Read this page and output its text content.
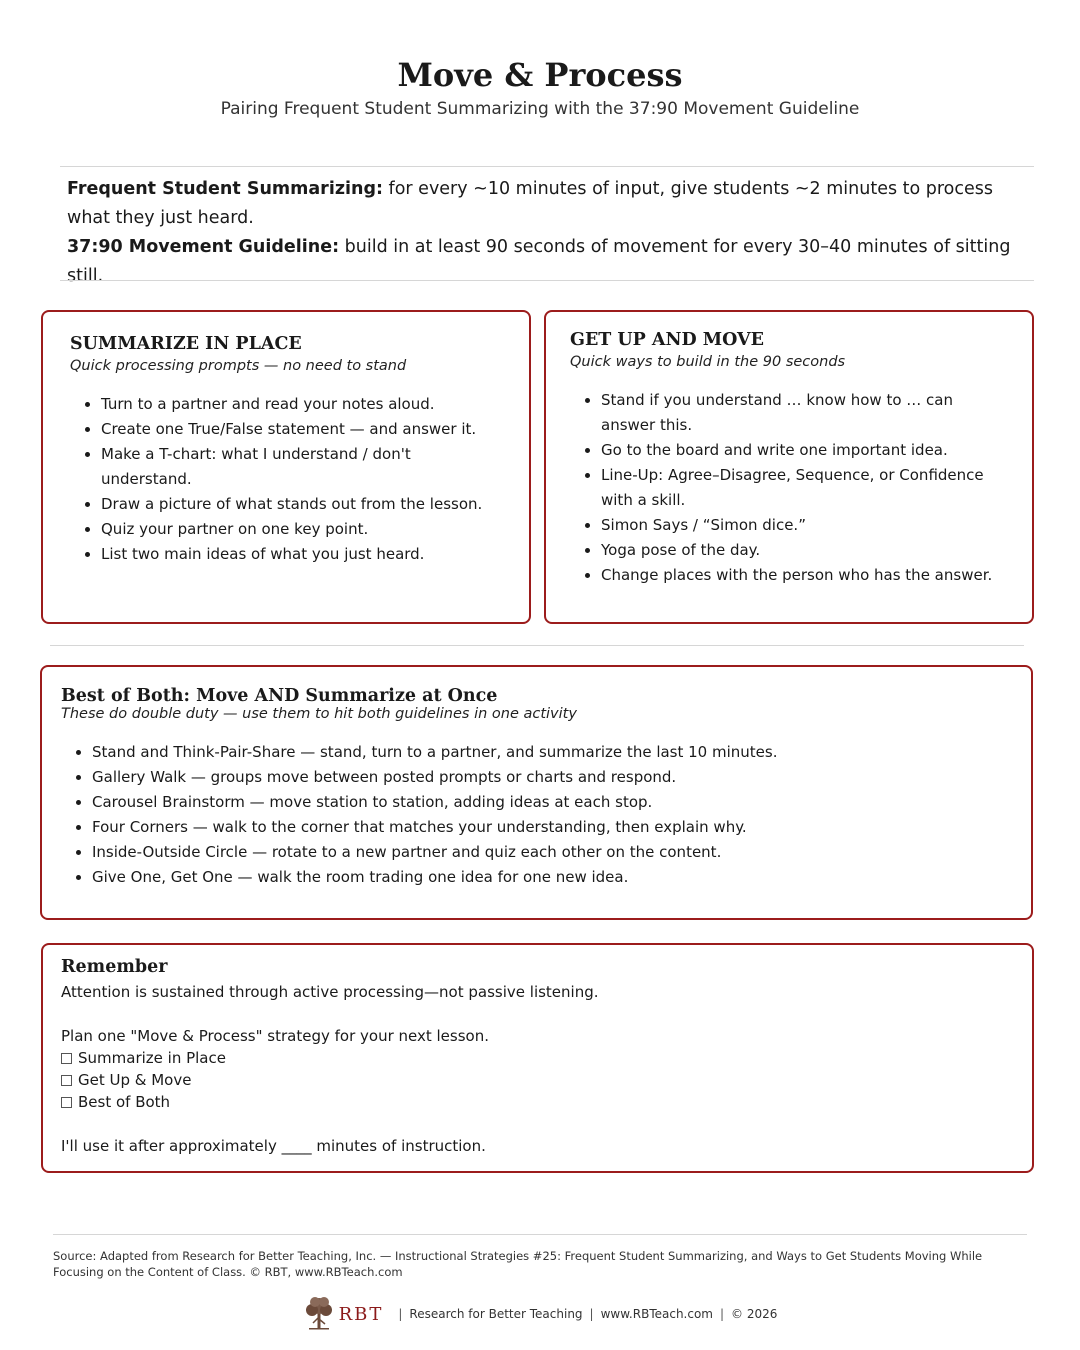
Move & Process

Pairing Frequent Student Summarizing with the 37:90 Movement Guideline

Frequent Student Summarizing: for every ~10 minutes of input, give students ~2 minutes to process what they just heard.

37:90 Movement Guideline: build in at least 90 seconds of movement for every 30–40 minutes of sitting still.

SUMMARIZE IN PLACE

Quick processing prompts — no need to stand

• Turn to a partner and read your notes aloud.
• Create one True/False statement — and answer it.
• Make a T-chart: what I understand / don't understand.
• Draw a picture of what stands out from the lesson.
• Quiz your partner on one key point.
• List two main ideas of what you just heard.
GET UP AND MOVE

Quick ways to build in the 90 seconds

• Stand if you understand … know how to … can answer this.
• Go to the board and write one important idea.
• Line-Up: Agree–Disagree, Sequence, or Confidence with a skill.
• Simon Says / “Simon dice.”
• Yoga pose of the day.
• Change places with the person who has the answer.
Best of Both: Move AND Summarize at Once

These do double duty — use them to hit both guidelines in one activity

• Stand and Think-Pair-Share — stand, turn to a partner, and summarize the last 10 minutes.
• Gallery Walk — groups move between posted prompts or charts and respond.
• Carousel Brainstorm — move station to station, adding ideas at each stop.
• Four Corners — walk to the corner that matches your understanding, then explain why.
• Inside-Outside Circle — rotate to a new partner and quiz each other on the content.
• Give One, Get One — walk the room trading one idea for one new idea.
Remember

Attention is sustained through active processing—not passive listening.

Plan one "Move & Process" strategy for your next lesson.

Summarize in Place
Get Up & Move
Best of Both

I'll use it after approximately ____ minutes of instruction.

Source: Adapted from Research for Better Teaching, Inc. — Instructional Strategies #25: Frequent Student Summarizing, and Ways to Get Students Moving While Focusing on the Content of Class. © RBT, www.RBTeach.com

RBT | Research for Better Teaching | www.RBTeach.com | © 2026
